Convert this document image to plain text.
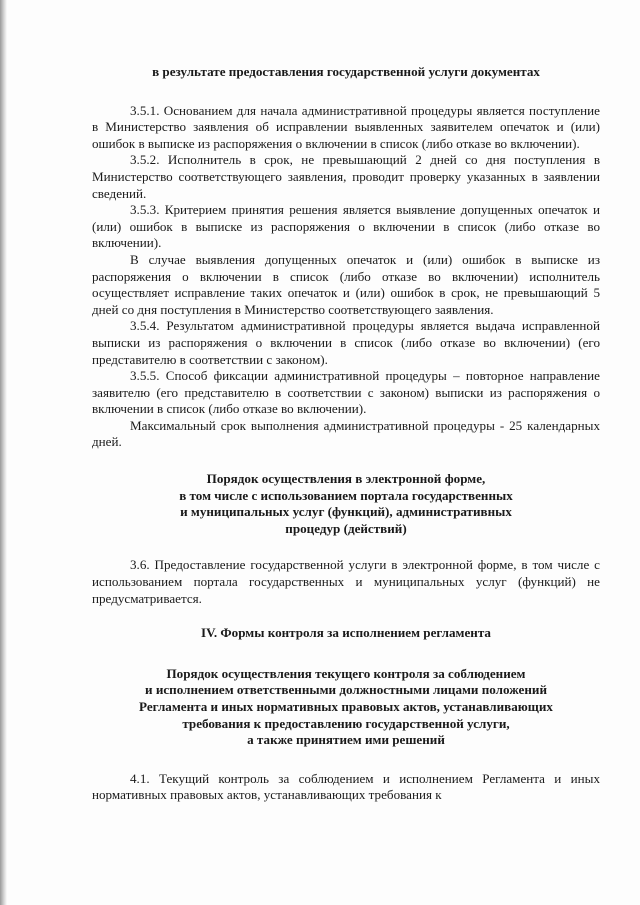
в результате предоставления государственной услуги документах

3.5.1. Основанием для начала административной процедуры является поступление в Министерство заявления об исправлении выявленных заявителем опечаток и (или) ошибок в выписке из распоряжения о включении в список (либо отказе во включении).

3.5.2. Исполнитель в срок, не превышающий 2 дней со дня поступления в Министерство соответствующего заявления, проводит проверку указанных в заявлении сведений.

3.5.3. Критерием принятия решения является выявление допущенных опечаток и (или) ошибок в выписке из распоряжения о включении в список (либо отказе во включении).

В случае выявления допущенных опечаток и (или) ошибок в выписке из распоряжения о включении в список (либо отказе во включении) исполнитель осуществляет исправление таких опечаток и (или) ошибок в срок, не превышающий 5 дней со дня поступления в Министерство соответствующего заявления.

3.5.4. Результатом административной процедуры является выдача исправленной выписки из распоряжения о включении в список (либо отказе во включении) (его представителю в соответствии с законом).

3.5.5. Способ фиксации административной процедуры – повторное направление заявителю (его представителю в соответствии с законом) выписки из распоряжения о включении в список (либо отказе во включении).

Максимальный срок выполнения административной процедуры - 25 календарных дней.

Порядок осуществления в электронной форме,
в том числе с использованием портала государственных
и муниципальных услуг (функций), административных
процедур (действий)

3.6. Предоставление государственной услуги в электронной форме, в том числе с использованием портала государственных и муниципальных услуг (функций) не предусматривается.

IV. Формы контроля за исполнением регламента

Порядок осуществления текущего контроля за соблюдением
и исполнением ответственными должностными лицами положений
Регламента и иных нормативных правовых актов, устанавливающих
требования к предоставлению государственной услуги,
а также принятием ими решений

4.1. Текущий контроль за соблюдением и исполнением Регламента и иных нормативных правовых актов, устанавливающих требования к
